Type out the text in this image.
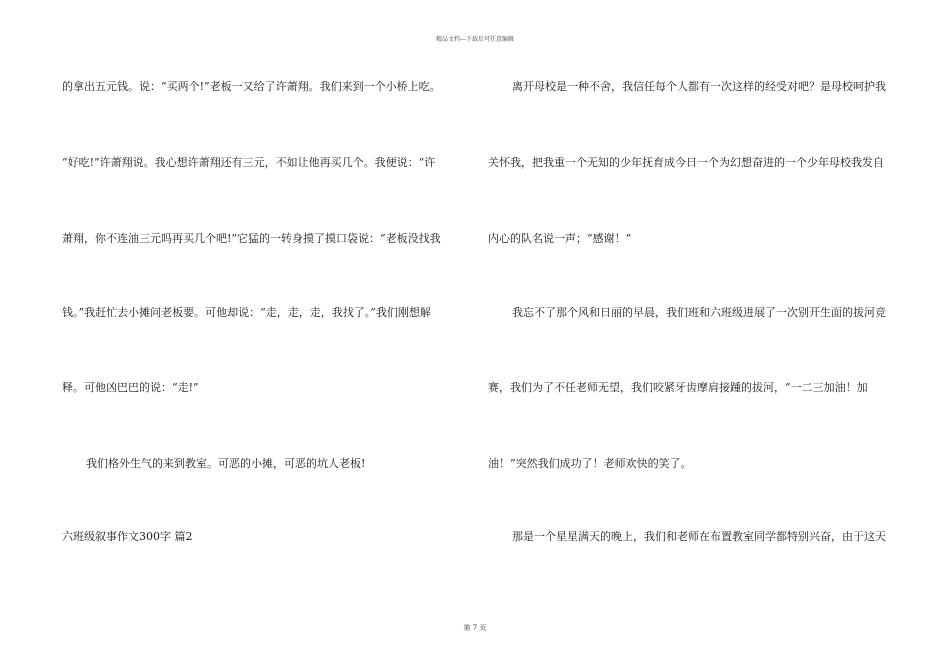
精品文档---下载后可任意编辑
的拿出五元钱。说：“买两个!”老板一又给了许萧翔。我们来到一个小桥上吃。
“好吃!”许萧翔说。我心想许萧翔还有三元，不如让他再买几个。我便说：“许
萧翔，你不连油三元吗再买几个吧!”它猛的一转身摸了摸口袋说：“老板没找我
钱。”我赶忙去小摊问老板要。可他却说：“走，走，走，我找了。”我们刚想解
释。可他凶巴巴的说：“走!”
我们格外生气的来到教室。可恶的小摊，可恶的坑人老板!
六班级叙事作文300字 篇2
离开母校是一种不舍，我信任每个人都有一次这样的经受对吧？是母校呵护我
关怀我，把我重一个无知的少年抚育成今日一个为幻想奋进的一个少年母校我发自
内心的队名说一声；“感谢！”
我忘不了那个风和日丽的早晨，我们班和六班级进展了一次别开生面的拔河竞
赛，我们为了不任老师无望，我们咬紧牙齿摩肩接踵的拔河，“一二三加油！加
油！”突然我们成功了！老师欢快的笑了。
那是一个星星满天的晚上，我们和老师在布置教室同学都特别兴奋，由于这天
第 7 页
